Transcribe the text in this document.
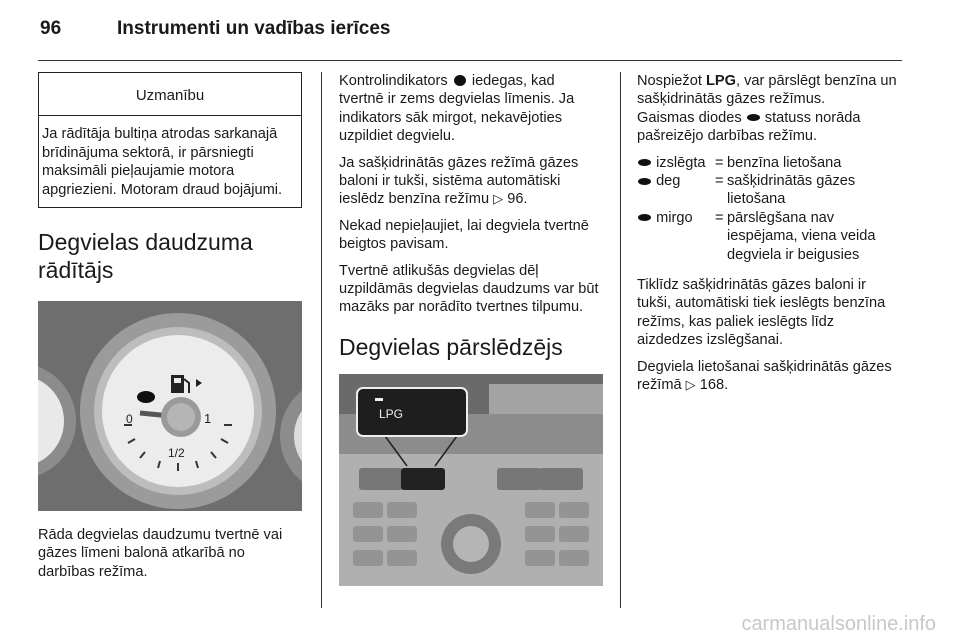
96	Instrumenti un vadības ierīces
Uzmanību
Ja rādītāja bultiņa atrodas sarkanajā brīdinājuma sektorā, ir pārsniegti maksimāli pieļaujamie motora apgriezieni. Motoram draud bojājumi.
Degvielas daudzuma
rādītājs
0
1/2
1

Rāda degvielas daudzumu tvertnē vai gāzes līmeni balonā atkarībā no darbības režīma.

Kontrolindikators iedegas, kad tvertnē ir zems degvielas līmenis. Ja indikators sāk mirgot, nekavējoties uzpildiet degvielu.

Ja sašķidrinātās gāzes režīmā gāzes baloni ir tukši, sistēma automātiski ieslēdz benzīna režīmu ▷ 96.

Nekad nepieļaujiet, lai degviela tvertnē beigtos pavisam.

Tvertnē atlikušās degvielas dēļ uzpildāmās degvielas daudzums var būt mazāks par norādīto tvertnes tilpumu.

Degvielas pārslēdzējs
LPG

Nospiežot LPG, var pārslēgt benzīna un sašķidrinātās gāzes režīmus.

Gaismas diodes statuss norāda pašreizējo darbības režīmu.

izslēgta = benzīna lietošana
deg	= sašķidrinātās gāzes lietošana
mirgo	= pārslēgšana nav iespējama, viena veida degviela ir beigusies

Tiklīdz sašķidrinātās gāzes baloni ir tukši, automātiski tiek ieslēgts benzīna režīms, kas paliek ieslēgts līdz aizdedzes izslēgšanai.

Degviela lietošanai sašķidrinātās gāzes režīmā ▷ 168.

carmanualsonline.info
